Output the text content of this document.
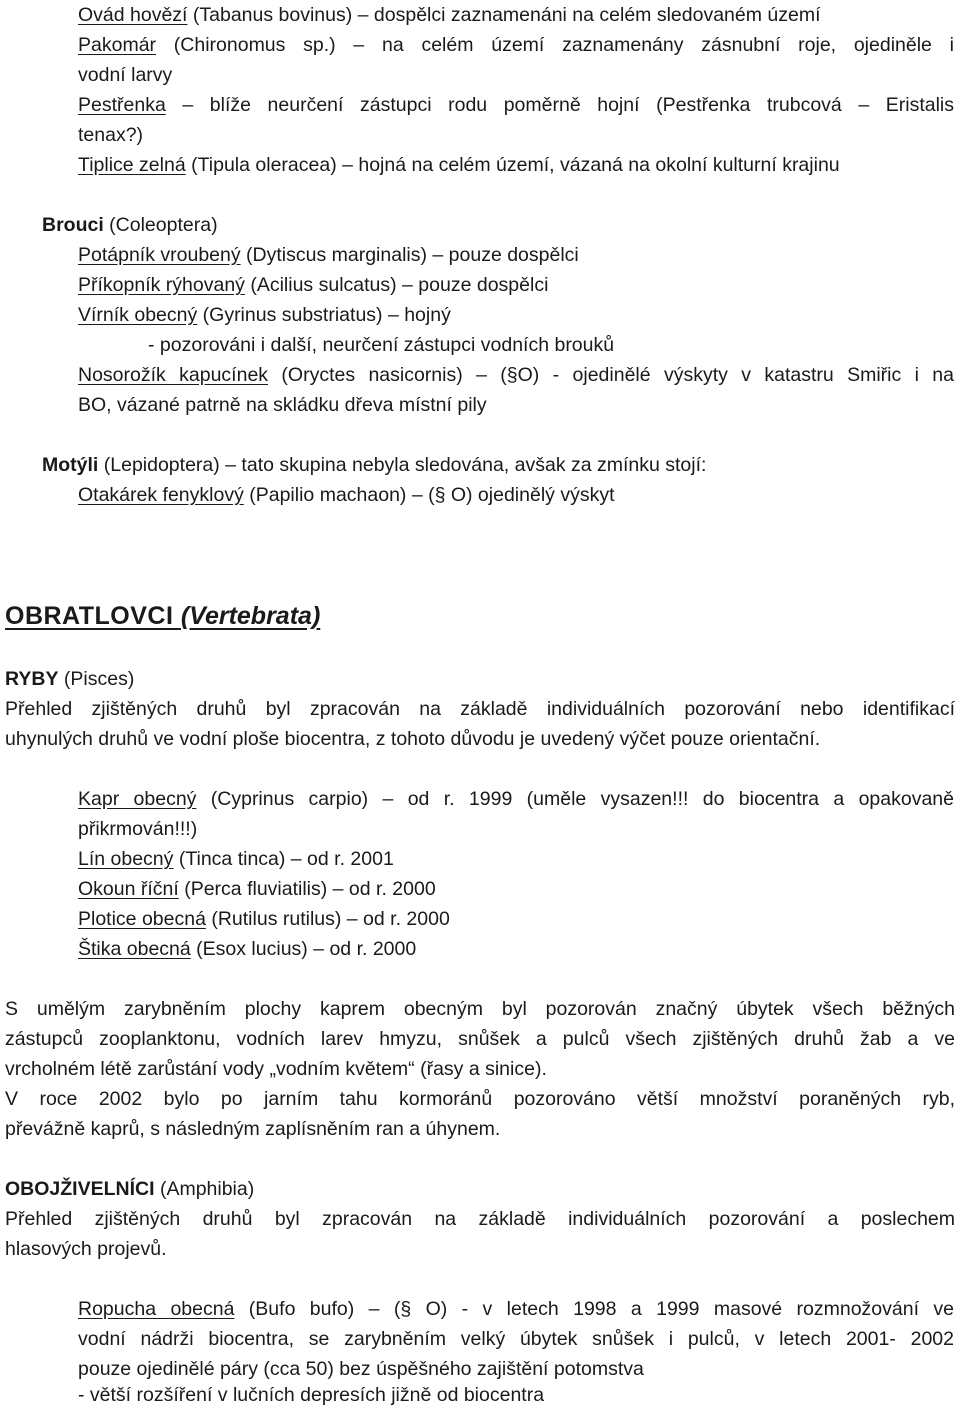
Ovád hovězí (Tabanus bovinus) – dospělci zaznamenáni na celém sledovaném území
Pakomár (Chironomus sp.) – na celém území zaznamenány zásnubní roje, ojediněle i
vodní larvy
Pestřenka – blíže neurčení zástupci rodu poměrně hojní (Pestřenka trubcová – Eristalis
tenax?)
Tiplice zelná (Tipula oleracea) – hojná na celém území, vázaná na okolní kulturní krajinu
Brouci (Coleoptera)
Potápník vroubený (Dytiscus marginalis) – pouze dospělci
Příkopník rýhovaný (Acilius sulcatus) – pouze dospělci
Vírník obecný (Gyrinus substriatus) – hojný
- pozorováni i další, neurčení zástupci vodních brouků
Nosorožík kapucínek (Oryctes nasicornis) – (§O) - ojedinělé výskyty v katastru Smiřic i na
BO, vázané patrně na skládku dřeva místní pily
Motýli (Lepidoptera) – tato skupina nebyla sledována, avšak za zmínku stojí:
Otakárek fenyklový (Papilio machaon) – (§ O) ojedinělý výskyt
OBRATLOVCI (Vertebrata)
RYBY (Pisces)
Přehled zjištěných druhů byl zpracován na základě individuálních pozorování nebo identifikací
uhynulých druhů ve vodní ploše biocentra, z tohoto důvodu je uvedený výčet pouze orientační.
Kapr obecný (Cyprinus carpio) – od r. 1999 (uměle vysazen!!! do biocentra a opakovaně
přikrmován!!!)
Lín obecný (Tinca tinca) – od r. 2001
Okoun říční (Perca fluviatilis) – od r. 2000
Plotice obecná (Rutilus rutilus) – od r. 2000
Štika obecná (Esox lucius) – od r. 2000
S umělým zarybněním plochy kaprem obecným byl pozorován značný úbytek všech běžných
zástupců zooplanktonu, vodních larev hmyzu, snůšek a pulců všech zjištěných druhů žab a ve
vrcholném létě zarůstání vody „vodním květem“ (řasy a sinice).
V roce 2002 bylo po jarním tahu kormoránů pozorováno větší množství poraněných ryb,
převážně kaprů, s následným zaplísněním ran a úhynem.
OBOJŽIVELNÍCI (Amphibia)
Přehled zjištěných druhů byl zpracován na základě individuálních pozorování a poslechem
hlasových projevů.
Ropucha obecná (Bufo bufo) – (§ O) - v letech 1998 a 1999 masové rozmnožování ve
vodní nádrži biocentra, se zarybněním velký úbytek snůšek i pulců, v letech 2001- 2002
pouze ojedinělé páry (cca 50) bez úspěšného zajištění potomstva
- větší rozšíření v lučních depresích jižně od biocentra
